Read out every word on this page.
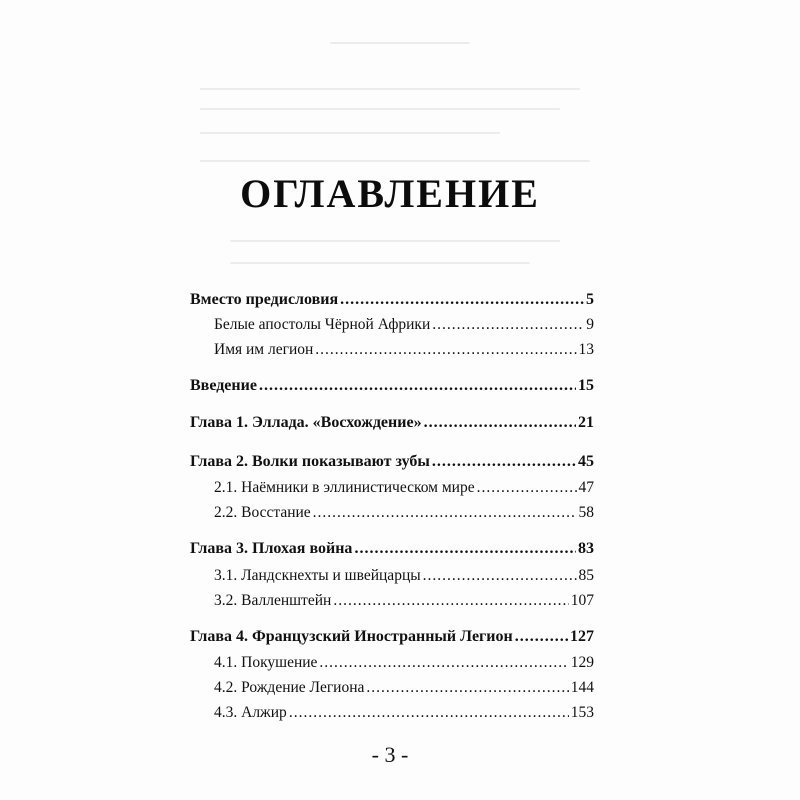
ОГЛАВЛЕНИЕ
Вместо предисловия .....	5
Белые апостолы Чёрной Африки .....	9
Имя им легион .....	13
Введение .....	15
Глава 1. Эллада. «Восхождение» .....	21
Глава 2. Волки показывают зубы .....	45
2.1. Наёмники в эллинистическом мире .....	47
2.2. Восстание .....	58
Глава 3. Плохая война .....	83
3.1. Ландскнехты и швейцарцы .....	85
3.2. Валленштейн .....	107
Глава 4. Французский Иностранный Легион .....	127
4.1. Покушение .....	129
4.2. Рождение Легиона .....	144
4.3. Алжир .....	153
- 3 -
